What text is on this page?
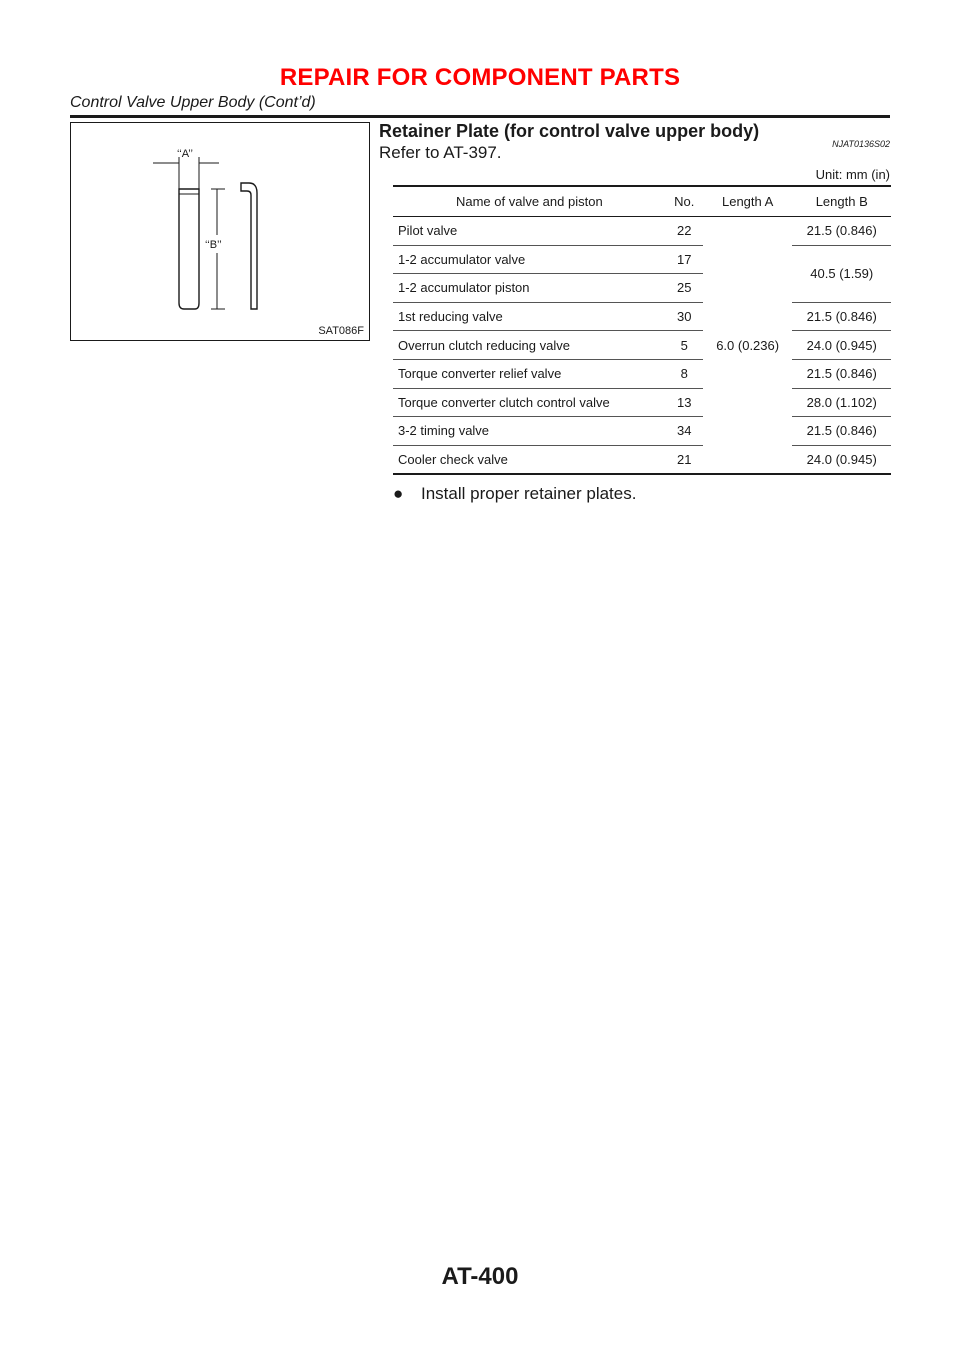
REPAIR FOR COMPONENT PARTS
Control Valve Upper Body (Cont’d)
‘‘A’’
‘‘B’’
SAT086F
Retainer Plate (for control valve upper body)
NJAT0136S02
Refer to AT-397.
Unit: mm (in)
Name of valve and piston	No.	Length A	Length B
Pilot valve	22	6.0 (0.236)	21.5 (0.846)
1-2 accumulator valve	17		40.5 (1.59)
1-2 accumulator piston	25		
1st reducing valve	30		21.5 (0.846)
Overrun clutch reducing valve	5		24.0 (0.945)
Torque converter relief valve	8		21.5 (0.846)
Torque converter clutch control valve	13		28.0 (1.102)
3-2 timing valve	34		21.5 (0.846)
Cooler check valve	21		24.0 (0.945)
● Install proper retainer plates.
AT-400
